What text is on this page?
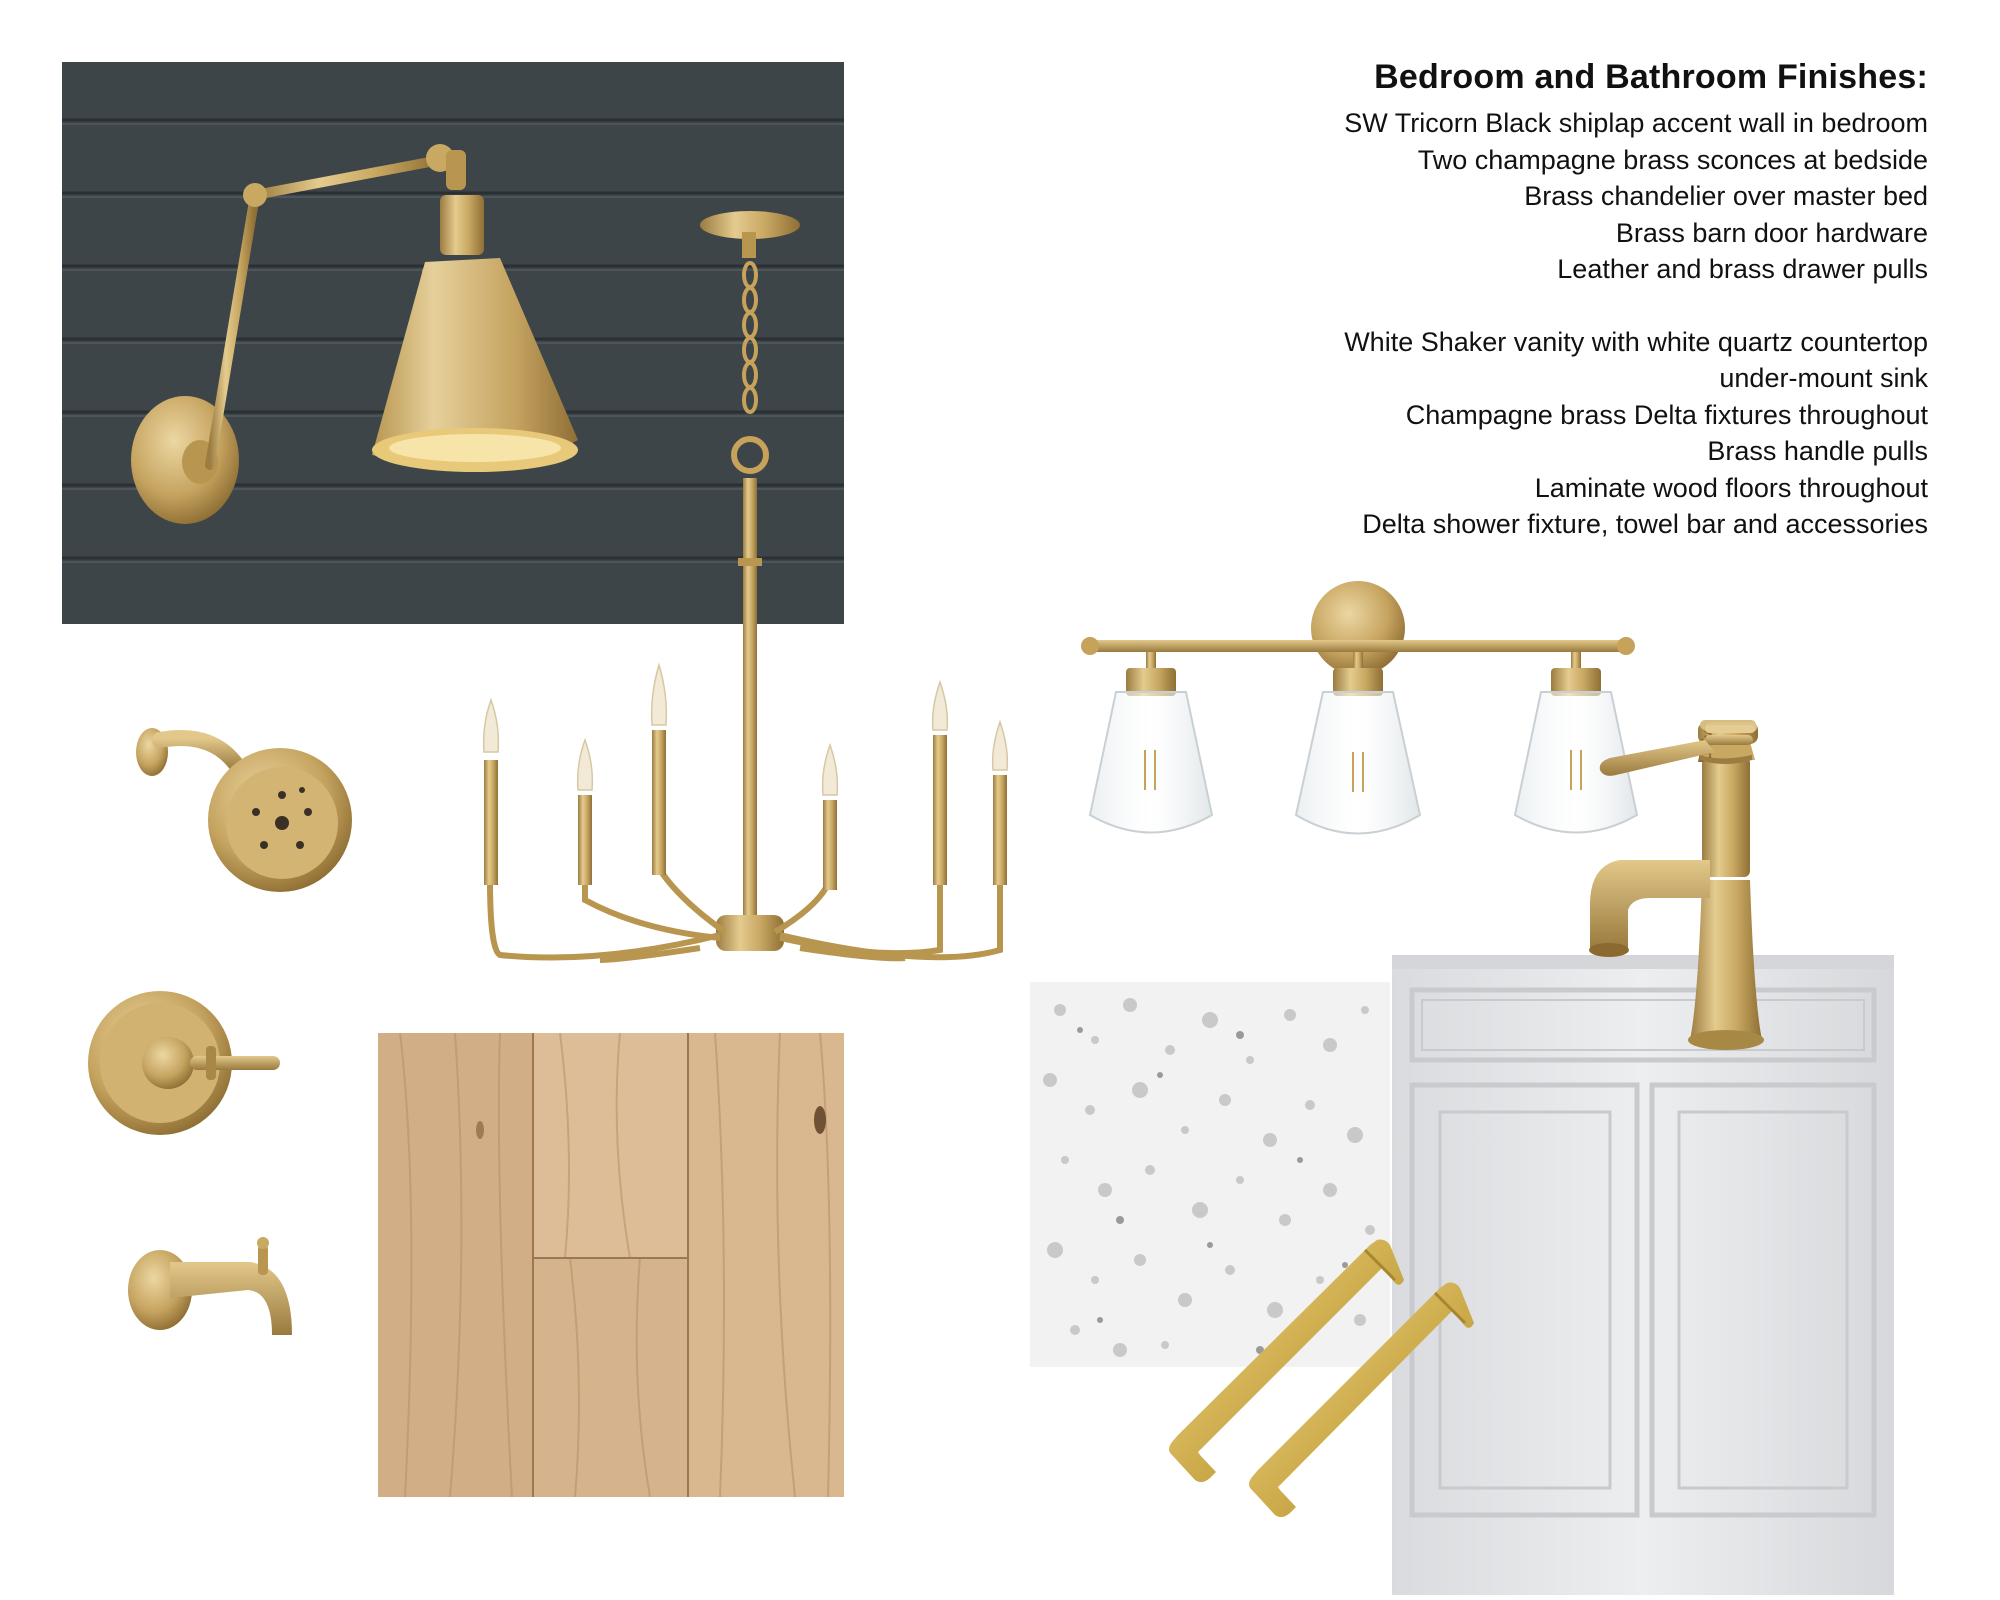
Bedroom and Bathroom Finishes:
SW Tricorn Black shiplap accent wall in bedroom
Two champagne brass sconces at bedside
Brass chandelier over master bed
Brass barn door hardware
Leather and brass drawer pulls
White Shaker vanity with white quartz countertop
under-mount sink
Champagne brass Delta fixtures throughout
Brass handle pulls
Laminate wood floors throughout
Delta shower fixture, towel bar and accessories
